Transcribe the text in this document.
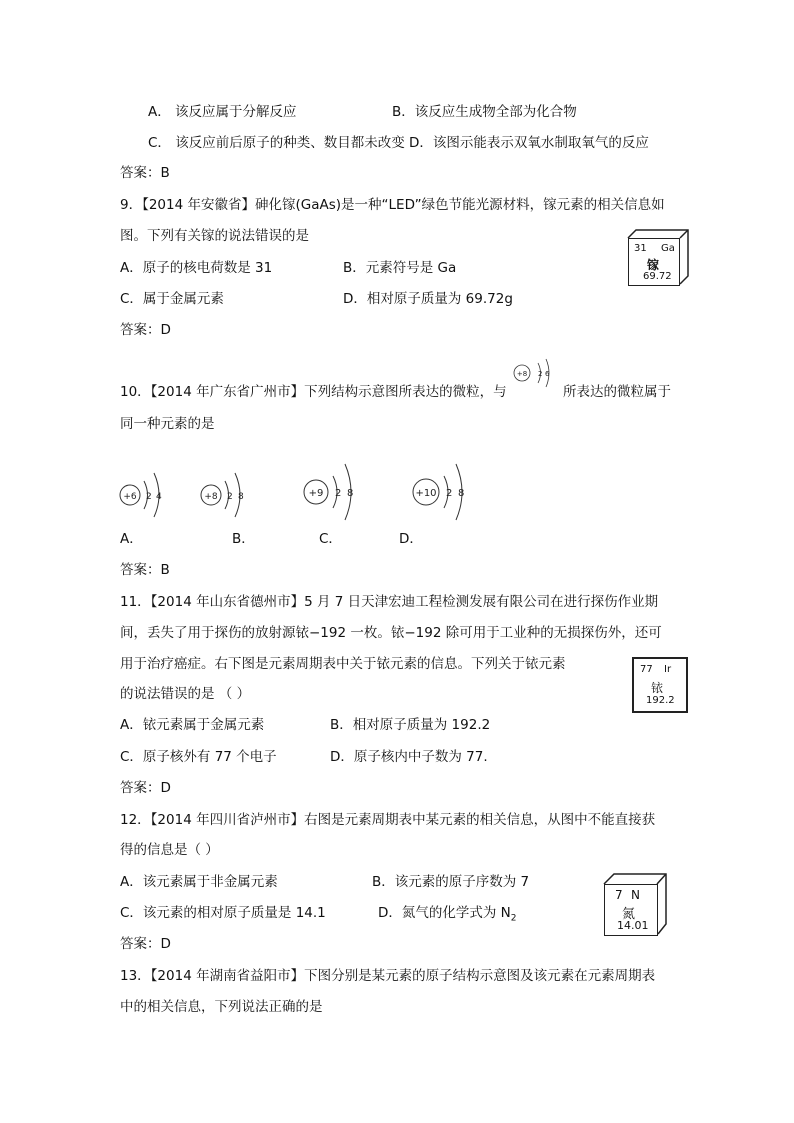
A． 该反应属于分解反应	B．该反应生成物全部为化合物
C． 该反应前后原子的种类、数目都未改变 D．该图示能表示双氧水制取氧气的反应
答案：B
9．【2014 年安徽省】砷化镓(GaAs)是一种“LED”绿色节能光源材料，镓元素的相关信息如
图。下列有关镓的说法错误的是
A．原子的核电荷数是 31	B．元素符号是 Ga
C．属于金属元素	D．相对原子质量为 69.72g
答案：D
31 Ga
镓
69.72
10．【2014 年广东省广州市】下列结构示意图所表达的微粒，与
+8 2 6
所表达的微粒属于
同一种元素的是
+6 2 4	+8 2 8	+9 2 8	+10 2 8
A．	B．	C．	D．
答案：B
11．【2014 年山东省德州市】5 月 7 日天津宏迪工程检测发展有限公司在进行探伤作业期
间，丢失了用于探伤的放射源铱−192 一枚。铱−192 除可用于工业种的无损探伤外，还可
用于治疗癌症。右下图是元素周期表中关于铱元素的信息。下列关于铱元素
的说法错误的是 （ ）
A．铱元素属于金属元素	B．相对原子质量为 192.2
C．原子核外有 77 个电子	D．原子核内中子数为 77.
答案：D
77 Ir
铱
192.2
12．【2014 年四川省泸州市】右图是元素周期表中某元素的相关信息，从图中不能直接获
得的信息是（ ）
A．该元素属于非金属元素	B．该元素的原子序数为 7
C．该元素的相对原子质量是 14.1	D．氮气的化学式为 $N_2$
答案：D
7 N
氮
14.01
13．【2014 年湖南省益阳市】下图分别是某元素的原子结构示意图及该元素在元素周期表
中的相关信息，下列说法正确的是
